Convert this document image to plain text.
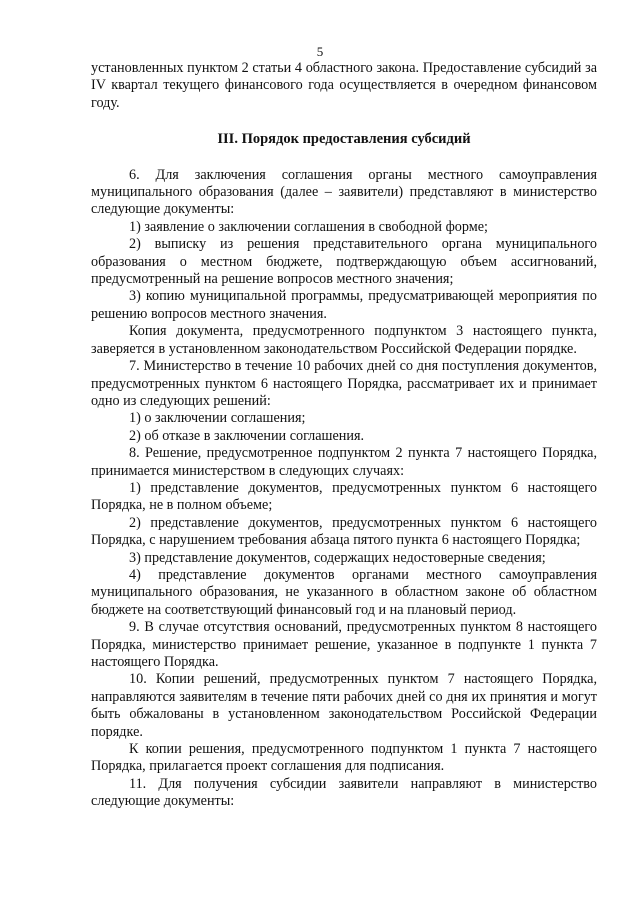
5

установленных пунктом 2 статьи 4 областного закона. Предоставление субсидий за IV квартал текущего финансового года осуществляется в очередном финансовом году.

III. Порядок предоставления субсидий

6. Для заключения соглашения органы местного самоуправления муниципального образования (далее – заявители) представляют в министерство следующие документы:

1) заявление о заключении соглашения в свободной форме;

2) выписку из решения представительного органа муниципального образования о местном бюджете, подтверждающую объем ассигнований, предусмотренный на решение вопросов местного значения;

3) копию муниципальной программы, предусматривающей мероприятия по решению вопросов местного значения.

Копия документа, предусмотренного подпунктом 3 настоящего пункта, заверяется в установленном законодательством Российской Федерации порядке.

7. Министерство в течение 10 рабочих дней со дня поступления документов, предусмотренных пунктом 6 настоящего Порядка, рассматривает их и принимает одно из следующих решений:

1) о заключении соглашения;

2) об отказе в заключении соглашения.

8. Решение, предусмотренное подпунктом 2 пункта 7 настоящего Порядка, принимается министерством в следующих случаях:

1) представление документов, предусмотренных пунктом 6 настоящего Порядка, не в полном объеме;

2) представление документов, предусмотренных пунктом 6 настоящего Порядка, с нарушением требования абзаца пятого пункта 6 настоящего Порядка;

3) представление документов, содержащих недостоверные сведения;

4) представление документов органами местного самоуправления муниципального образования, не указанного в областном законе об областном бюджете на соответствующий финансовый год и на плановый период.

9. В случае отсутствия оснований, предусмотренных пунктом 8 настоящего Порядка, министерство принимает решение, указанное в подпункте 1 пункта 7 настоящего Порядка.

10. Копии решений, предусмотренных пунктом 7 настоящего Порядка, направляются заявителям в течение пяти рабочих дней со дня их принятия и могут быть обжалованы в установленном законодательством Российской Федерации порядке.

К копии решения, предусмотренного подпунктом 1 пункта 7 настоящего Порядка, прилагается проект соглашения для подписания.

11. Для получения субсидии заявители направляют в министерство следующие документы:
